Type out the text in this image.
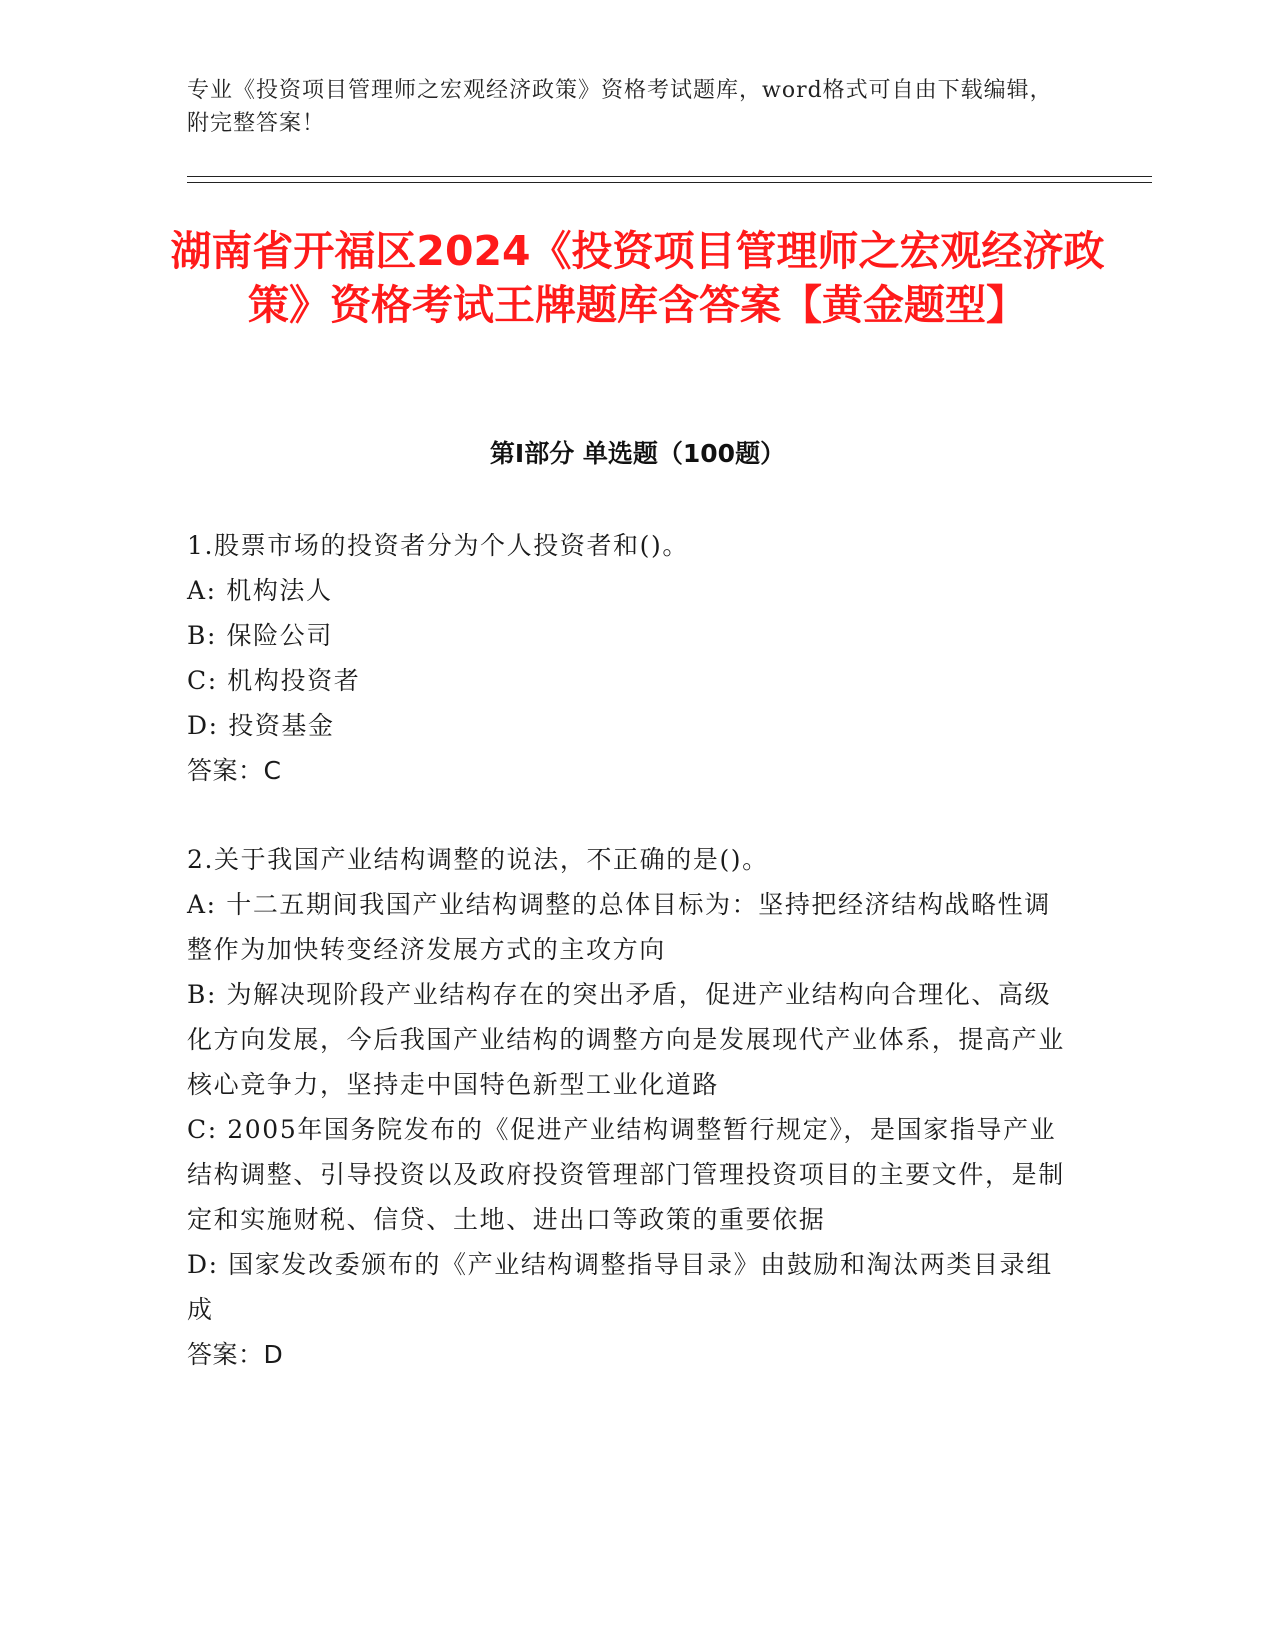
专业《投资项目管理师之宏观经济政策》资格考试题库，word格式可自由下载编辑，附完整答案！
湖南省开福区2024《投资项目管理师之宏观经济政策》资格考试王牌题库含答案【黄金题型】
第Ⅰ部分 单选题（100题）

1.股票市场的投资者分为个人投资者和()。

A: 机构法人

B: 保险公司

C: 机构投资者

D: 投资基金

答案：C

2.关于我国产业结构调整的说法，不正确的是()。

A: 十二五期间我国产业结构调整的总体目标为：坚持把经济结构战略性调整作为加快转变经济发展方式的主攻方向

B: 为解决现阶段产业结构存在的突出矛盾，促进产业结构向合理化、高级化方向发展，今后我国产业结构的调整方向是发展现代产业体系，提高产业核心竞争力，坚持走中国特色新型工业化道路

C: 2005年国务院发布的《促进产业结构调整暂行规定》，是国家指导产业结构调整、引导投资以及政府投资管理部门管理投资项目的主要文件，是制定和实施财税、信贷、土地、进出口等政策的重要依据

D: 国家发改委颁布的《产业结构调整指导目录》由鼓励和淘汰两类目录组成

答案：D
